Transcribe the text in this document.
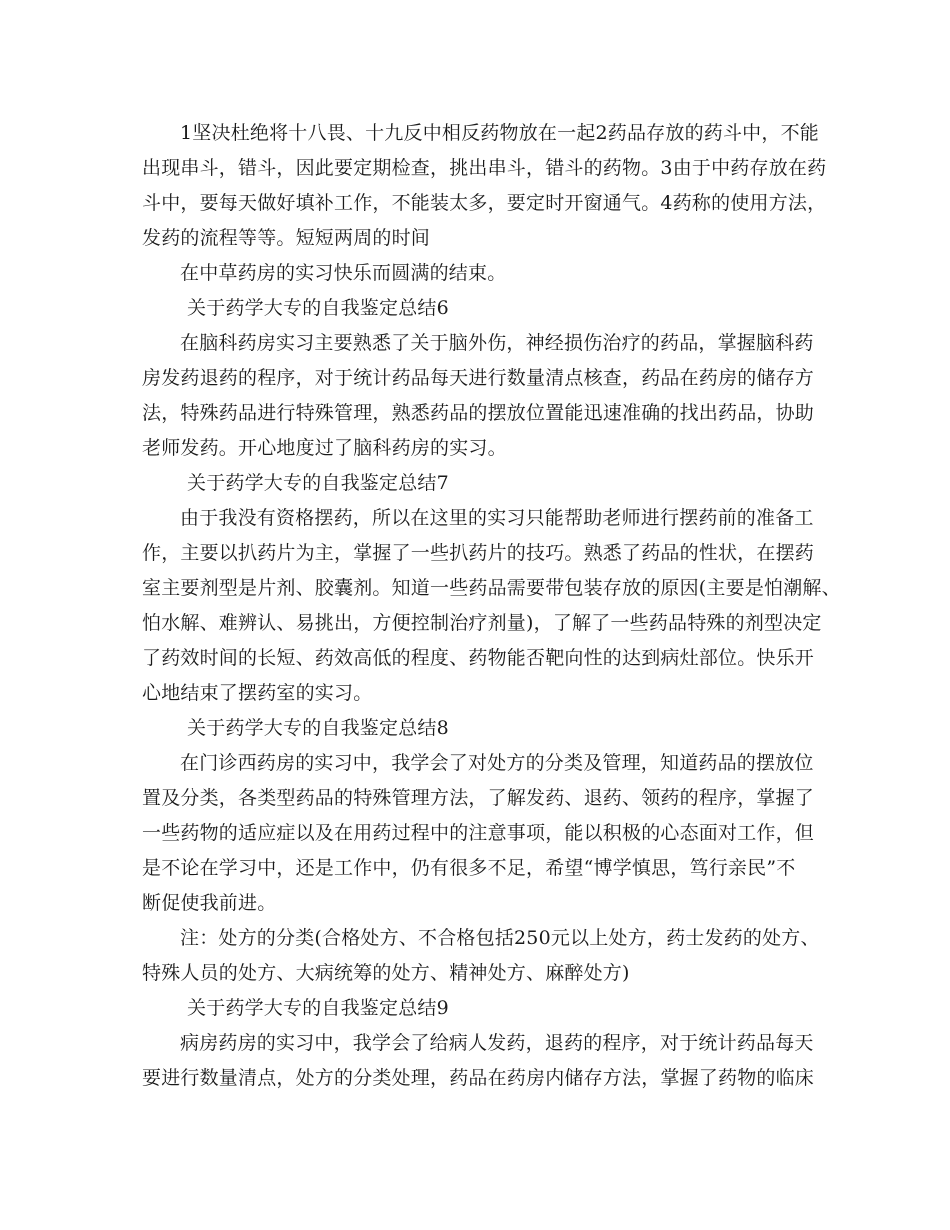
1坚决杜绝将十八畏、十九反中相反药物放在一起2药品存放的药斗中，不能
出现串斗，错斗，因此要定期检查，挑出串斗，错斗的药物。3由于中药存放在药
斗中，要每天做好填补工作，不能装太多，要定时开窗通气。4药称的使用方法，
发药的流程等等。短短两周的时间
在中草药房的实习快乐而圆满的结束。
关于药学大专的自我鉴定总结6
在脑科药房实习主要熟悉了关于脑外伤，神经损伤治疗的药品，掌握脑科药
房发药退药的程序，对于统计药品每天进行数量清点核查，药品在药房的储存方
法，特殊药品进行特殊管理，熟悉药品的摆放位置能迅速准确的找出药品，协助
老师发药。开心地度过了脑科药房的实习。
关于药学大专的自我鉴定总结7
由于我没有资格摆药，所以在这里的实习只能帮助老师进行摆药前的准备工
作，主要以扒药片为主，掌握了一些扒药片的技巧。熟悉了药品的性状，在摆药
室主要剂型是片剂、胶囊剂。知道一些药品需要带包装存放的原因(主要是怕潮解、
怕水解、难辨认、易挑出，方便控制治疗剂量)，了解了一些药品特殊的剂型决定
了药效时间的长短、药效高低的程度、药物能否靶向性的达到病灶部位。快乐开
心地结束了摆药室的实习。
关于药学大专的自我鉴定总结8
在门诊西药房的实习中，我学会了对处方的分类及管理，知道药品的摆放位
置及分类，各类型药品的特殊管理方法，了解发药、退药、领药的程序，掌握了
一些药物的适应症以及在用药过程中的注意事项，能以积极的心态面对工作，但
是不论在学习中，还是工作中，仍有很多不足，希望“博学慎思，笃行亲民”不
断促使我前进。
注：处方的分类(合格处方、不合格包括250元以上处方，药士发药的处方、
特殊人员的处方、大病统筹的处方、精神处方、麻醉处方)
关于药学大专的自我鉴定总结9
病房药房的实习中，我学会了给病人发药，退药的程序，对于统计药品每天
要进行数量清点，处方的分类处理，药品在药房内储存方法，掌握了药物的临床
